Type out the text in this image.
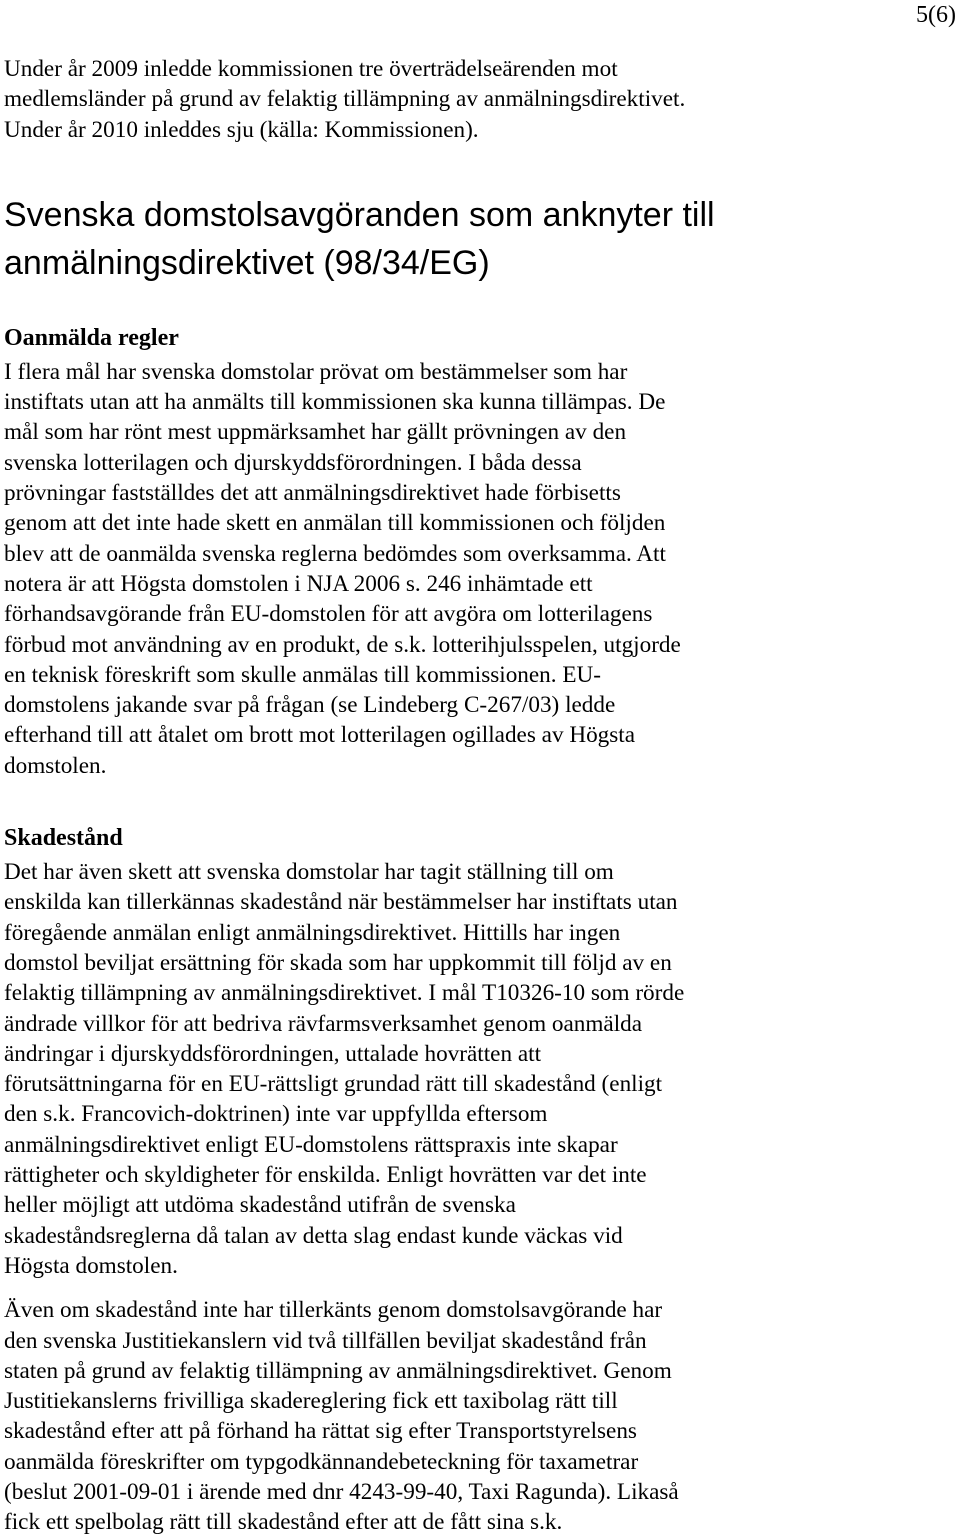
5(6)

Under år 2009 inledde kommissionen tre överträdelseärenden mot
medlemsländer på grund av felaktig tillämpning av anmälningsdirektivet.
Under år 2010 inleddes sju (källa: Kommissionen).

Svenska domstolsavgöranden som anknyter till
anmälningsdirektivet (98/34/EG)
Oanmälda regler

I flera mål har svenska domstolar prövat om bestämmelser som har
instiftats utan att ha anmälts till kommissionen ska kunna tillämpas. De
mål som har rönt mest uppmärksamhet har gällt prövningen av den
svenska lotterilagen och djurskyddsförordningen. I båda dessa
prövningar fastställdes det att anmälningsdirektivet hade förbisetts
genom att det inte hade skett en anmälan till kommissionen och följden
blev att de oanmälda svenska reglerna bedömdes som overksamma. Att
notera är att Högsta domstolen i NJA 2006 s. 246 inhämtade ett
förhandsavgörande från EU-domstolen för att avgöra om lotterilagens
förbud mot användning av en produkt, de s.k. lotterihjulsspelen, utgjorde
en teknisk föreskrift som skulle anmälas till kommissionen. EU-
domstolens jakande svar på frågan (se Lindeberg C-267/03) ledde
efterhand till att åtalet om brott mot lotterilagen ogillades av Högsta
domstolen.

Skadestånd

Det har även skett att svenska domstolar har tagit ställning till om
enskilda kan tillerkännas skadestånd när bestämmelser har instiftats utan
föregående anmälan enligt anmälningsdirektivet. Hittills har ingen
domstol beviljat ersättning för skada som har uppkommit till följd av en
felaktig tillämpning av anmälningsdirektivet. I mål T10326-10 som rörde
ändrade villkor för att bedriva rävfarmsverksamhet genom oanmälda
ändringar i djurskyddsförordningen, uttalade hovrätten att
förutsättningarna för en EU-rättsligt grundad rätt till skadestånd (enligt
den s.k. Francovich-doktrinen) inte var uppfyllda eftersom
anmälningsdirektivet enligt EU-domstolens rättspraxis inte skapar
rättigheter och skyldigheter för enskilda. Enligt hovrätten var det inte
heller möjligt att utdöma skadestånd utifrån de svenska
skadeståndsreglerna då talan av detta slag endast kunde väckas vid
Högsta domstolen.

Även om skadestånd inte har tillerkänts genom domstolsavgörande har
den svenska Justitiekanslern vid två tillfällen beviljat skadestånd från
staten på grund av felaktig tillämpning av anmälningsdirektivet. Genom
Justitiekanslerns frivilliga skadereglering fick ett taxibolag rätt till
skadestånd efter att på förhand ha rättat sig efter Transportstyrelsens
oanmälda föreskrifter om typgodkännandebeteckning för taxametrar
(beslut 2001-09-01 i ärende med dnr 4243-99-40, Taxi Ragunda). Likaså
fick ett spelbolag rätt till skadestånd efter att de fått sina s.k.
